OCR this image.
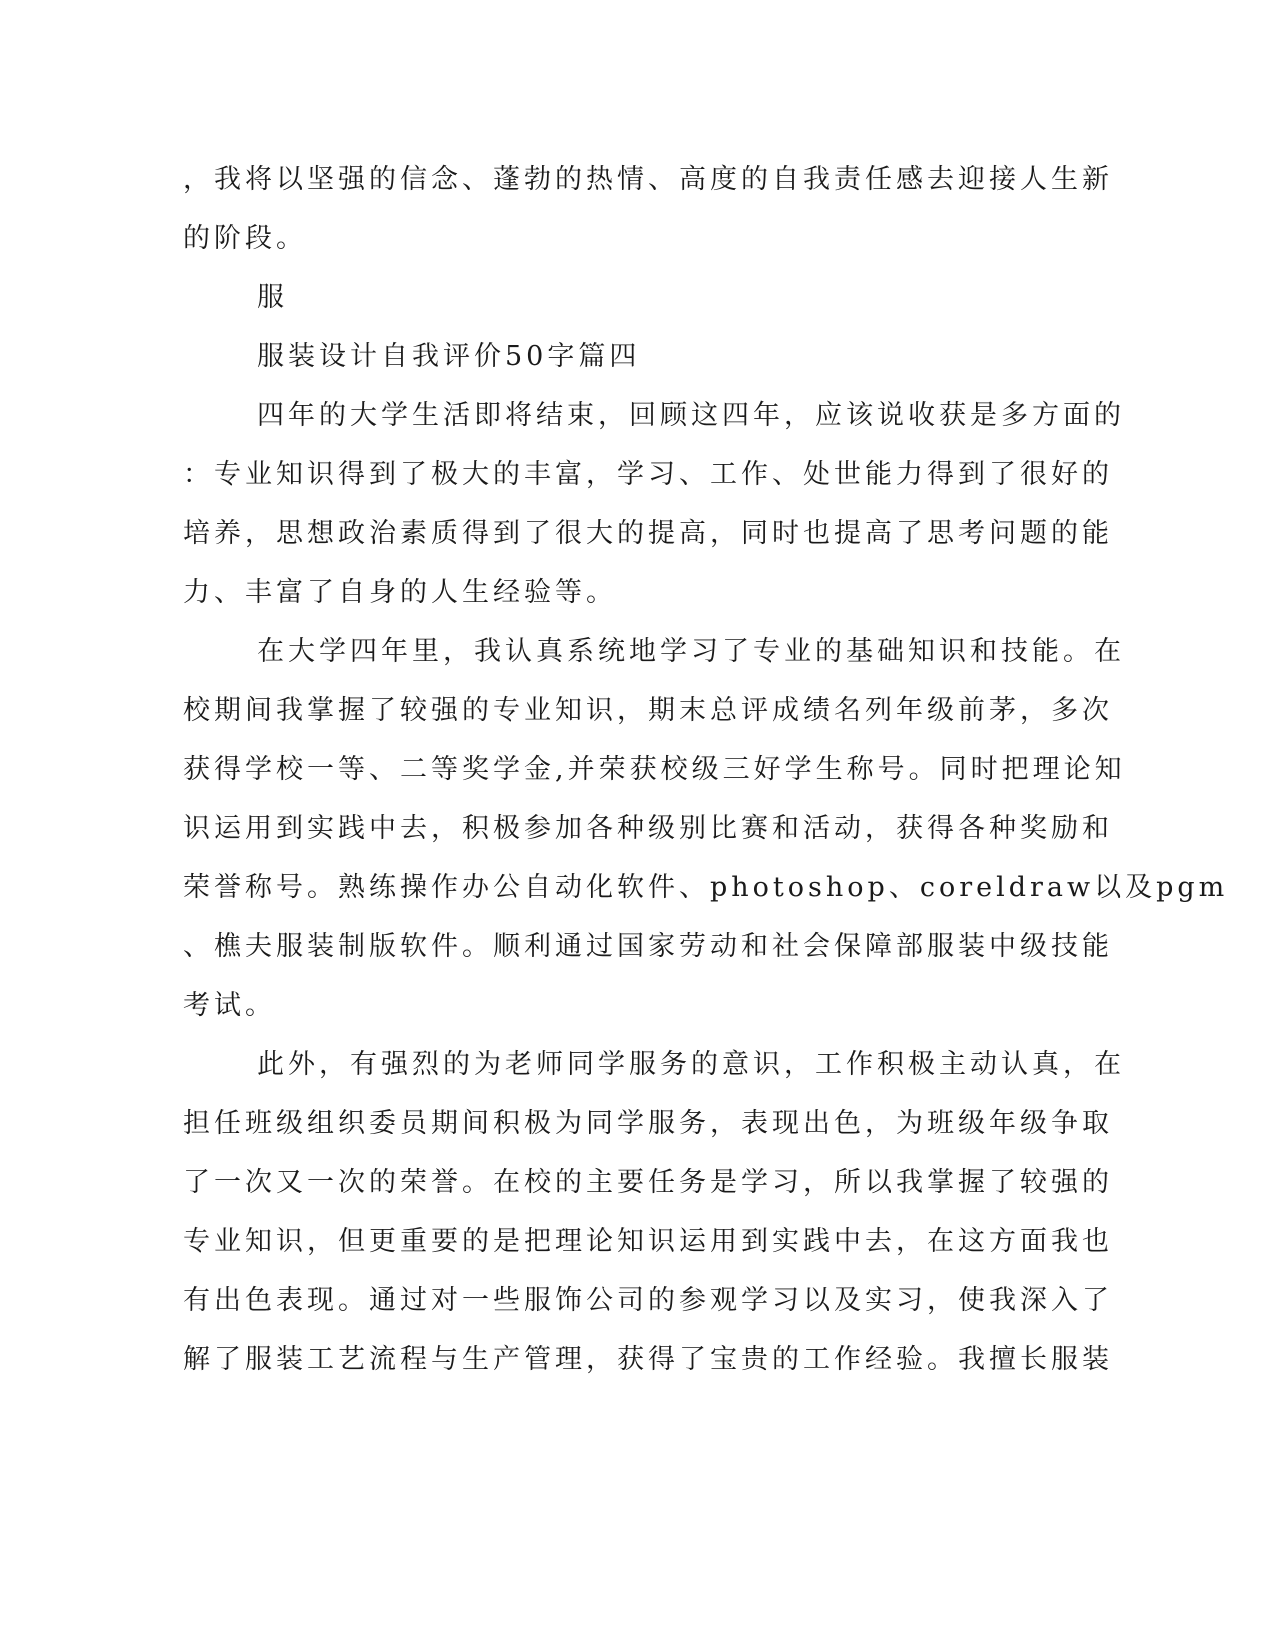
，我将以坚强的信念、蓬勃的热情、高度的自我责任感去迎接人生新
的阶段。
服
服装设计自我评价50字篇四
四年的大学生活即将结束，回顾这四年，应该说收获是多方面的
：专业知识得到了极大的丰富，学习、工作、处世能力得到了很好的
培养，思想政治素质得到了很大的提高，同时也提高了思考问题的能
力、丰富了自身的人生经验等。
在大学四年里，我认真系统地学习了专业的基础知识和技能。在
校期间我掌握了较强的专业知识，期末总评成绩名列年级前茅，多次
获得学校一等、二等奖学金,并荣获校级三好学生称号。同时把理论知
识运用到实践中去，积极参加各种级别比赛和活动，获得各种奖励和
荣誉称号。熟练操作办公自动化软件、photoshop、coreldraw以及pgm
、樵夫服装制版软件。顺利通过国家劳动和社会保障部服装中级技能
考试。
此外，有强烈的为老师同学服务的意识，工作积极主动认真，在
担任班级组织委员期间积极为同学服务，表现出色，为班级年级争取
了一次又一次的荣誉。在校的主要任务是学习，所以我掌握了较强的
专业知识，但更重要的是把理论知识运用到实践中去，在这方面我也
有出色表现。通过对一些服饰公司的参观学习以及实习，使我深入了
解了服装工艺流程与生产管理，获得了宝贵的工作经验。我擅长服装
